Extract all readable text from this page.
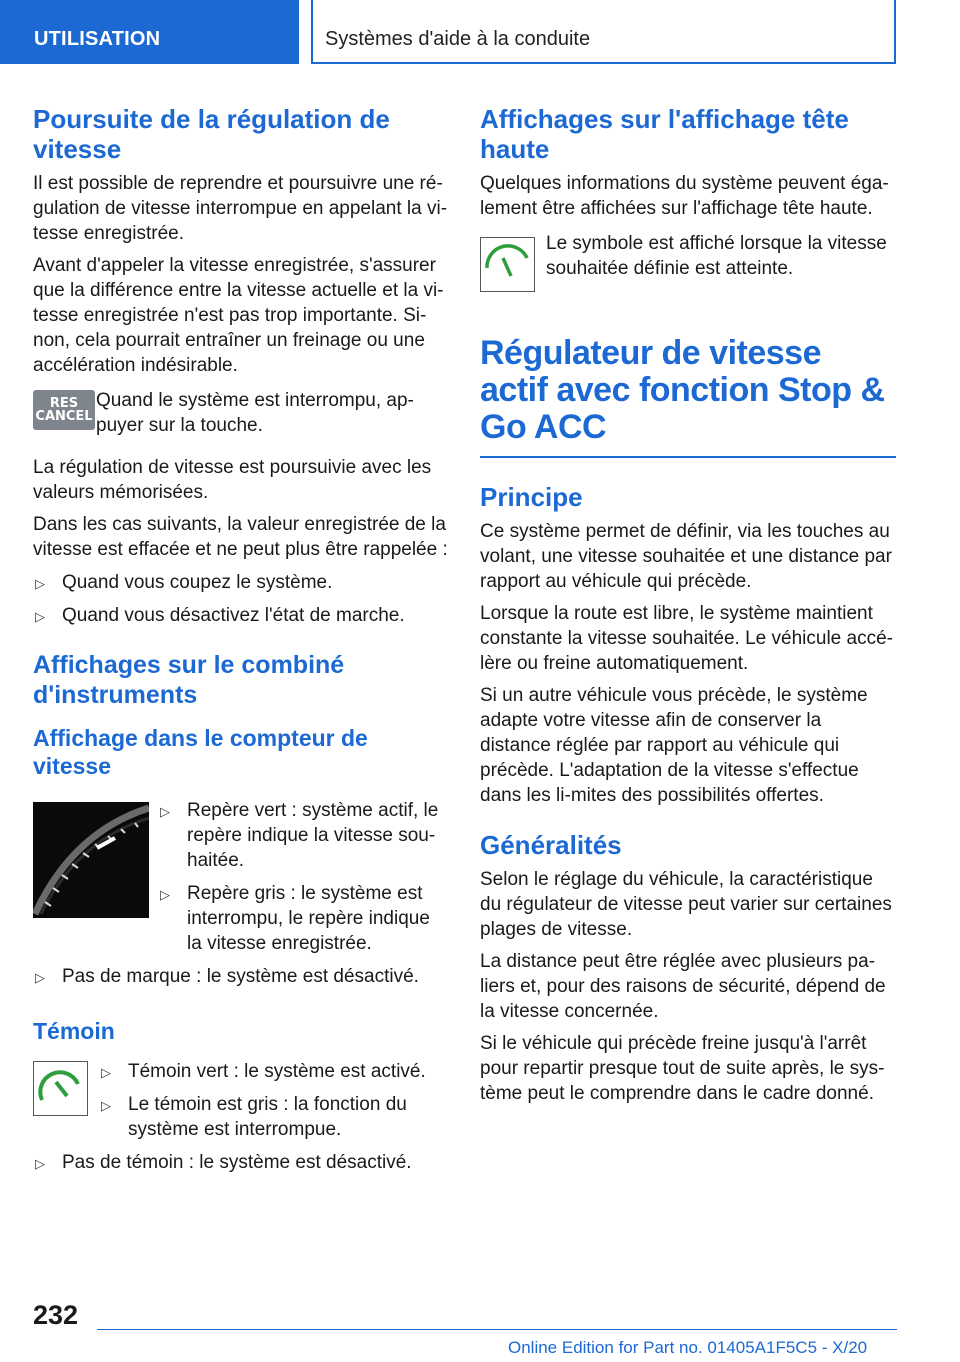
UTILISATION	Systèmes d'aide à la conduite
Poursuite de la régulation de vitesse

Il est possible de reprendre et poursuivre une ré-gulation de vitesse interrompue en appelant la vi-tesse enregistrée.

Avant d'appeler la vitesse enregistrée, s'assurer que la différence entre la vitesse actuelle et la vi-tesse enregistrée n'est pas trop importante. Si-non, cela pourrait entraîner un freinage ou une accélération indésirable.

RES
CANCEL

Quand le système est interrompu, ap-puyer sur la touche.

La régulation de vitesse est poursuivie avec les valeurs mémorisées.

Dans les cas suivants, la valeur enregistrée de la vitesse est effacée et ne peut plus être rappelée :

▷ Quand vous coupez le système.
▷ Quand vous désactivez l'état de marche.
Affichages sur le combiné d'instruments
Affichage dans le compteur de vitesse
▷ Repère vert : système actif, le repère indique la vitesse sou-haitée.
▷ Repère gris : le système est interrompu, le repère indique la vitesse enregistrée.
▷ Pas de marque : le système est désactivé.
Témoin
▷ Témoin vert : le système est activé.
▷ Le témoin est gris : la fonction du système est interrompue.
▷ Pas de témoin : le système est désactivé.
Affichages sur l'affichage tête haute

Quelques informations du système peuvent éga-lement être affichées sur l'affichage tête haute.

Le symbole est affiché lorsque la vitesse souhaitée définie est atteinte.

Régulateur de vitesse actif avec fonction Stop & Go ACC
Principe

Ce système permet de définir, via les touches au volant, une vitesse souhaitée et une distance par rapport au véhicule qui précède.

Lorsque la route est libre, le système maintient constante la vitesse souhaitée. Le véhicule accé-lère ou freine automatiquement.

Si un autre véhicule vous précède, le système adapte votre vitesse afin de conserver la distance réglée par rapport au véhicule qui précède. L'adaptation de la vitesse s'effectue dans les li-mites des possibilités offertes.

Généralités

Selon le réglage du véhicule, la caractéristique du régulateur de vitesse peut varier sur certaines plages de vitesse.

La distance peut être réglée avec plusieurs pa-liers et, pour des raisons de sécurité, dépend de la vitesse concernée.

Si le véhicule qui précède freine jusqu'à l'arrêt pour repartir presque tout de suite après, le sys-tème peut le comprendre dans le cadre donné.

232
Online Edition for Part no. 01405A1F5C5 - X/20
